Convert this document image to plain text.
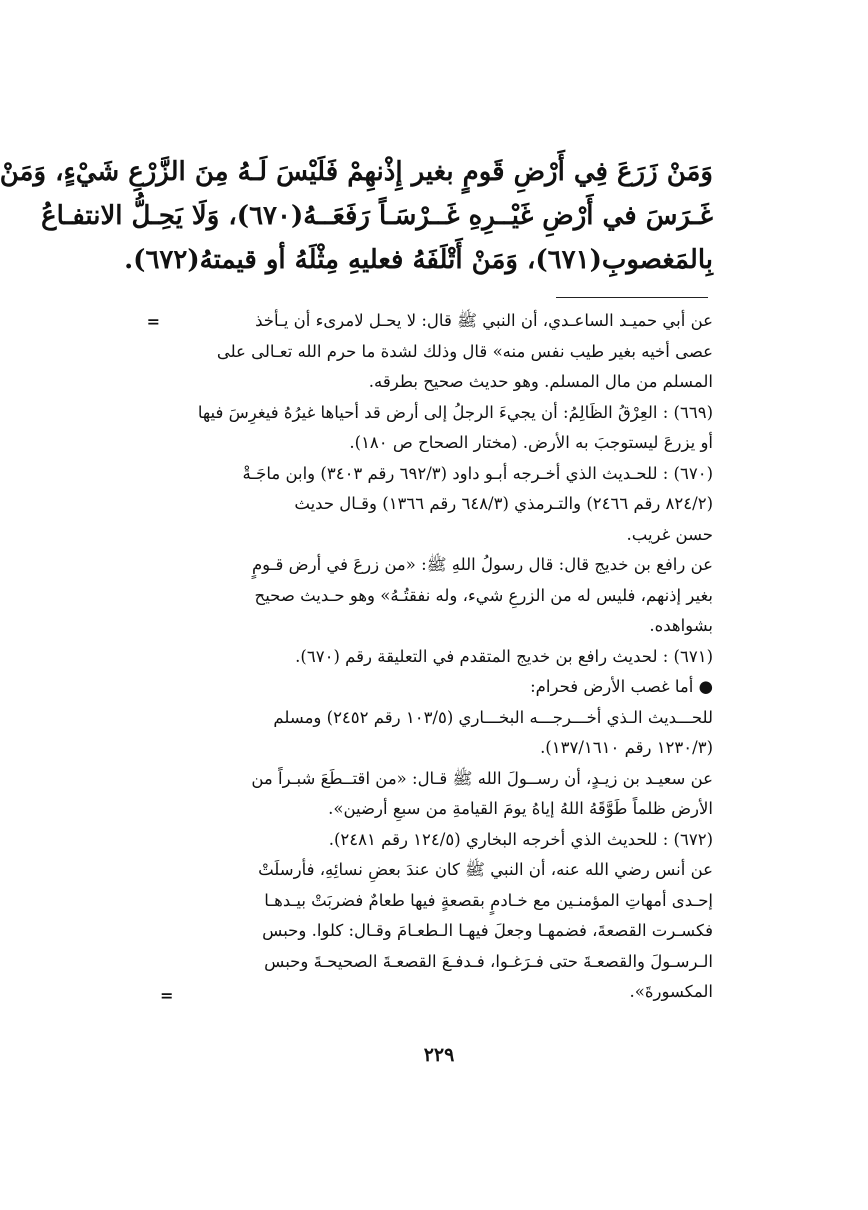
وَمَنْ زَرَعَ فِي أَرْضِ قَومٍ بغير إِذْنهِمْ فَلَيْسَ لَـهُ مِنَ الزَّرْعِ شَيْءٍ، وَمَنْ
غَـرَسَ في أَرْضِ غَيْــرِهِ غَــرْسَـاً رَفَعَــهُ(٦٧٠)، وَلَا يَحِـلُّ الانتفـاعُ
بِالمَغصوبِ(٦٧١)، وَمَنْ أَتْلَفَهُ فعليهِ مِثْلَهُ أو قيمتهُ(٦٧٢).
=	عن أبي حميـد الساعـدي، أن النبي ﷺ قال: لا يحـل لامرىء أن يـأخذ
عصى أخيه بغير طيب نفس منه» قال وذلك لشدة ما حرم الله تعـالى على
المسلم من مال المسلم. وهو حديث صحيح بطرقه.
(٦٦٩) : العِرْقُ الظَالِمُ: أن يجيءَ الرجلُ إلى أرض قد أحياها غيرُهُ فيغرِسَ فيها
أو يزرعَ ليستوجبَ به الأرض. (مختار الصحاح ص ١٨٠).
(٦٧٠) : للحـديث الذي أخـرجه أبـو داود (٦٩٢/٣ رقم ٣٤٠٣) وابن ماجَـةْ
(٨٢٤/٢ رقم ٢٤٦٦) والتـرمذي (٦٤٨/٣ رقم ١٣٦٦) وقـال حديث
حسن غريب.
عن رافع بن خديج قال: قال رسولُ اللهِ ﷺ: «من زرعَ في أرض قـومٍ
بغير إذنهم، فليس له من الزرعِ شيء، وله نفقتُـهُ» وهو حـديث صحيح
بشواهده.
(٦٧١) : لحديث رافع بن خديج المتقدم في التعليقة رقم (٦٧٠).
● أما غصب الأرض فحرام:
للحـــديث الـذي أخـــرجـــه البخـــاري (١٠٣/٥ رقم ٢٤٥٢) ومسلم
(١٢٣٠/٣ رقم ١٣٧/١٦١٠).
عن سعيـد بن زيـدٍ، أن رســولَ الله ﷺ قـال: «من اقتــطَعَ شبـراً من
الأرض ظلماً طَوَّقَهُ اللهُ إياهُ يومَ القيامةِ من سبعِ أرضين».
(٦٧٢) : للحديث الذي أخرجه البخاري (١٢٤/٥ رقم ٢٤٨١).
عن أنس رضي الله عنه، أن النبي ﷺ كان عندَ بعضِ نسائِهِ، فأرسلَتْ
إحـدى أمهاتِ المؤمنـين مع خـادمٍ بقصعةٍ فيها طعامٌ فضربَتْ بيـدهـا
فكسـرت القصعةَ، فضمهـا وجعلَ فيهـا الـطعـامَ وقـال: كلوا. وحبس
الـرسـولَ والقصعـةَ حتى فـرَغـوا، فـدفـعَ القصعـةَ الصحيحـةَ وحبس
المكسورةَ».
=
٢٢٩
